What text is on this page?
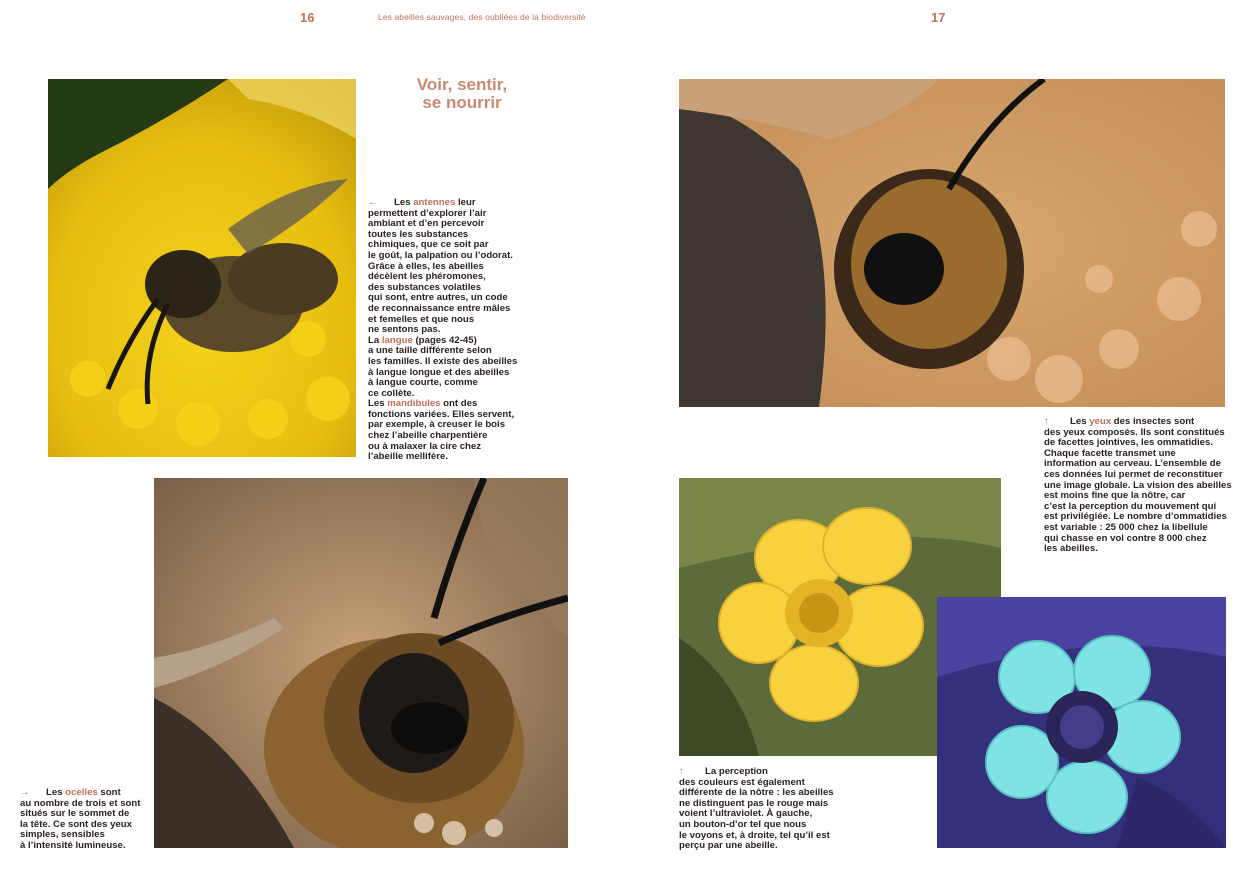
16	Les abeilles sauvages, des oubliées de la biodiversité
Voir, sentir,
se nourrir
← Les antennes leur
permettent d’explorer l’air
ambiant et d’en percevoir
toutes les substances
chimiques, que ce soit par
le goût, la palpation ou l’odorat.
Grâce à elles, les abeilles
décèlent les phéromones,
des substances volatiles
qui sont, entre autres, un code
de reconnaissance entre mâles
et femelles et que nous
ne sentons pas.
La langue (pages 42-45)
a une taille différente selon
les familles. Il existe des abeilles
à langue longue et des abeilles
à langue courte, comme
ce collète.
Les mandibules ont des
fonctions variées. Elles servent,
par exemple, à creuser le bois
chez l’abeille charpentière
ou à malaxer la cire chez
l’abeille mellifère.
→ Les ocelles sont
au nombre de trois et sont
situés sur le sommet de
la tête. Ce sont des yeux
simples, sensibles
à l’intensité lumineuse.
17
↑ Les yeux des insectes sont
des yeux composés. Ils sont constitués
de facettes jointives, les ommatidies.
Chaque facette transmet une
information au cerveau. L’ensemble de
ces données lui permet de reconstituer
une image globale. La vision des abeilles
est moins fine que la nôtre, car
c’est la perception du mouvement qui
est privilégiée. Le nombre d’ommatidies
est variable : 25 000 chez la libellule
qui chasse en vol contre 8 000 chez
les abeilles.
↑ La perception
des couleurs est également
différente de la nôtre : les abeilles
ne distinguent pas le rouge mais
voient l’ultraviolet. À gauche,
un bouton-d’or tel que nous
le voyons et, à droite, tel qu’il est
perçu par une abeille.
